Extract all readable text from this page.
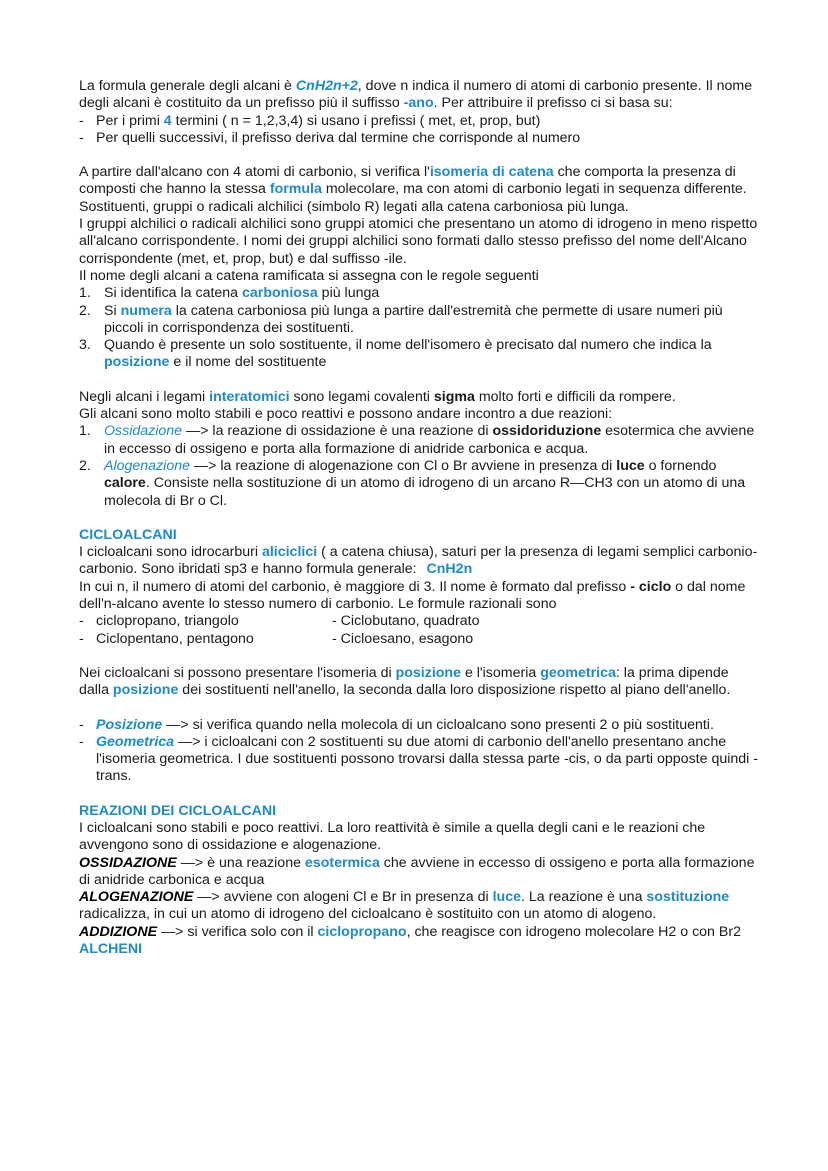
La formula generale degli alcani è CnH2n+2, dove n indica il numero di atomi di carbonio presente. Il nome degli alcani è costituito da un prefisso più il suffisso -ano. Per attribuire il prefisso ci si basa su:

- Per i primi 4 termini ( n = 1,2,3,4) si usano i prefissi ( met, et, prop, but)
- Per quelli successivi, il prefisso deriva dal termine che corrisponde al numero

A partire dall'alcano con 4 atomi di carbonio, si verifica l'isomeria di catena che comporta la presenza di composti che hanno la stessa formula molecolare, ma con atomi di carbonio legati in sequenza differente.

Sostituenti, gruppi o radicali alchilici (simbolo R) legati alla catena carboniosa più lunga.

I gruppi alchilici o radicali alchilici sono gruppi atomici che presentano un atomo di idrogeno in meno rispetto all'alcano corrispondente. I nomi dei gruppi alchilici sono formati dallo stesso prefisso del nome dell'Alcano corrispondente (met, et, prop, but) e dal suffisso -ile.

Il nome degli alcani a catena ramificata si assegna con le regole seguenti

1. Si identifica la catena carboniosa più lunga
2. Si numera la catena carboniosa più lunga a partire dall'estremità che permette di usare numeri più piccoli in corrispondenza dei sostituenti.
3. Quando è presente un solo sostituente, il nome dell'isomero è precisato dal numero che indica la posizione e il nome del sostituente

Negli alcani i legami interatomici sono legami covalenti sigma molto forti e difficili da rompere.

Gli alcani sono molto stabili e poco reattivi e possono andare incontro a due reazioni:

1. Ossidazione —> la reazione di ossidazione è una reazione di ossidoriduzione esotermica che avviene in eccesso di ossigeno e porta alla formazione di anidride carbonica e acqua.
2. Alogenazione —> la reazione di alogenazione con Cl o Br avviene in presenza di luce o fornendo calore. Consiste nella sostituzione di un atomo di idrogeno di un arcano R—CH3 con un atomo di una molecola di Br o Cl.

CICLOALCANI

I cicloalcani sono idrocarburi aliciclici ( a catena chiusa), saturi per la presenza di legami semplici carbonio-carbonio. Sono ibridati sp3 e hanno formula generale: CnH2n

In cui n, il numero di atomi del carbonio, è maggiore di 3. Il nome è formato dal prefisso - ciclo o dal nome dell'n-alcano avente lo stesso numero di carbonio. Le formule razionali sono

- ciclopropano, triangolo	- Ciclobutano, quadrato
- Ciclopentano, pentagono	- Cicloesano, esagono

Nei cicloalcani si possono presentare l'isomeria di posizione e l'isomeria geometrica: la prima dipende dalla posizione dei sostituenti nell'anello, la seconda dalla loro disposizione rispetto al piano dell'anello.

- Posizione —> si verifica quando nella molecola di un cicloalcano sono presenti 2 o più sostituenti.
- Geometrica —> i cicloalcani con 2 sostituenti su due atomi di carbonio dell'anello presentano anche l'isomeria geometrica. I due sostituenti possono trovarsi dalla stessa parte -cis, o da parti opposte quindi -trans.

REAZIONI DEI CICLOALCANI

I cicloalcani sono stabili e poco reattivi. La loro reattività è simile a quella degli cani e le reazioni che avvengono sono di ossidazione e alogenazione.

OSSIDAZIONE —> è una reazione esotermica che avviene in eccesso di ossigeno e porta alla formazione di anidride carbonica e acqua

ALOGENAZIONE —> avviene con alogeni Cl e Br in presenza di luce. La reazione è una sostituzione radicalizza, in cui un atomo di idrogeno del cicloalcano è sostituito con un atomo di alogeno.

ADDIZIONE —> si verifica solo con il ciclopropano, che reagisce con idrogeno molecolare H2 o con Br2

ALCHENI
